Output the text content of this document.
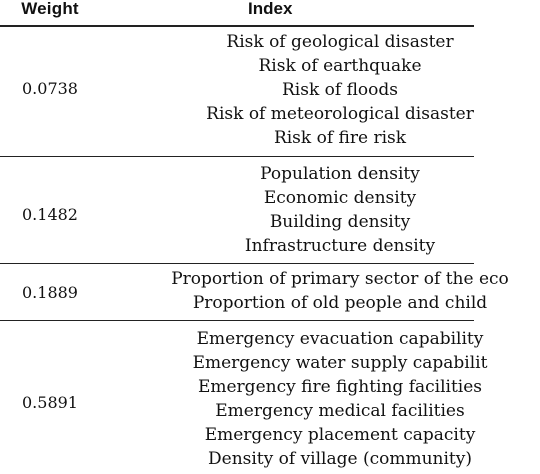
Weight	Index
0.0738
Risk of geological disaster
Risk of earthquake
Risk of floods
Risk of meteorological disaster
Risk of fire risk
0.1482
Population density
Economic density
Building density
Infrastructure density
0.1889
Proportion of primary sector of the eco
Proportion of old people and child
0.5891
Emergency evacuation capability
Emergency water supply capabilit
Emergency fire fighting facilities
Emergency medical facilities
Emergency placement capacity
Density of village (community)
